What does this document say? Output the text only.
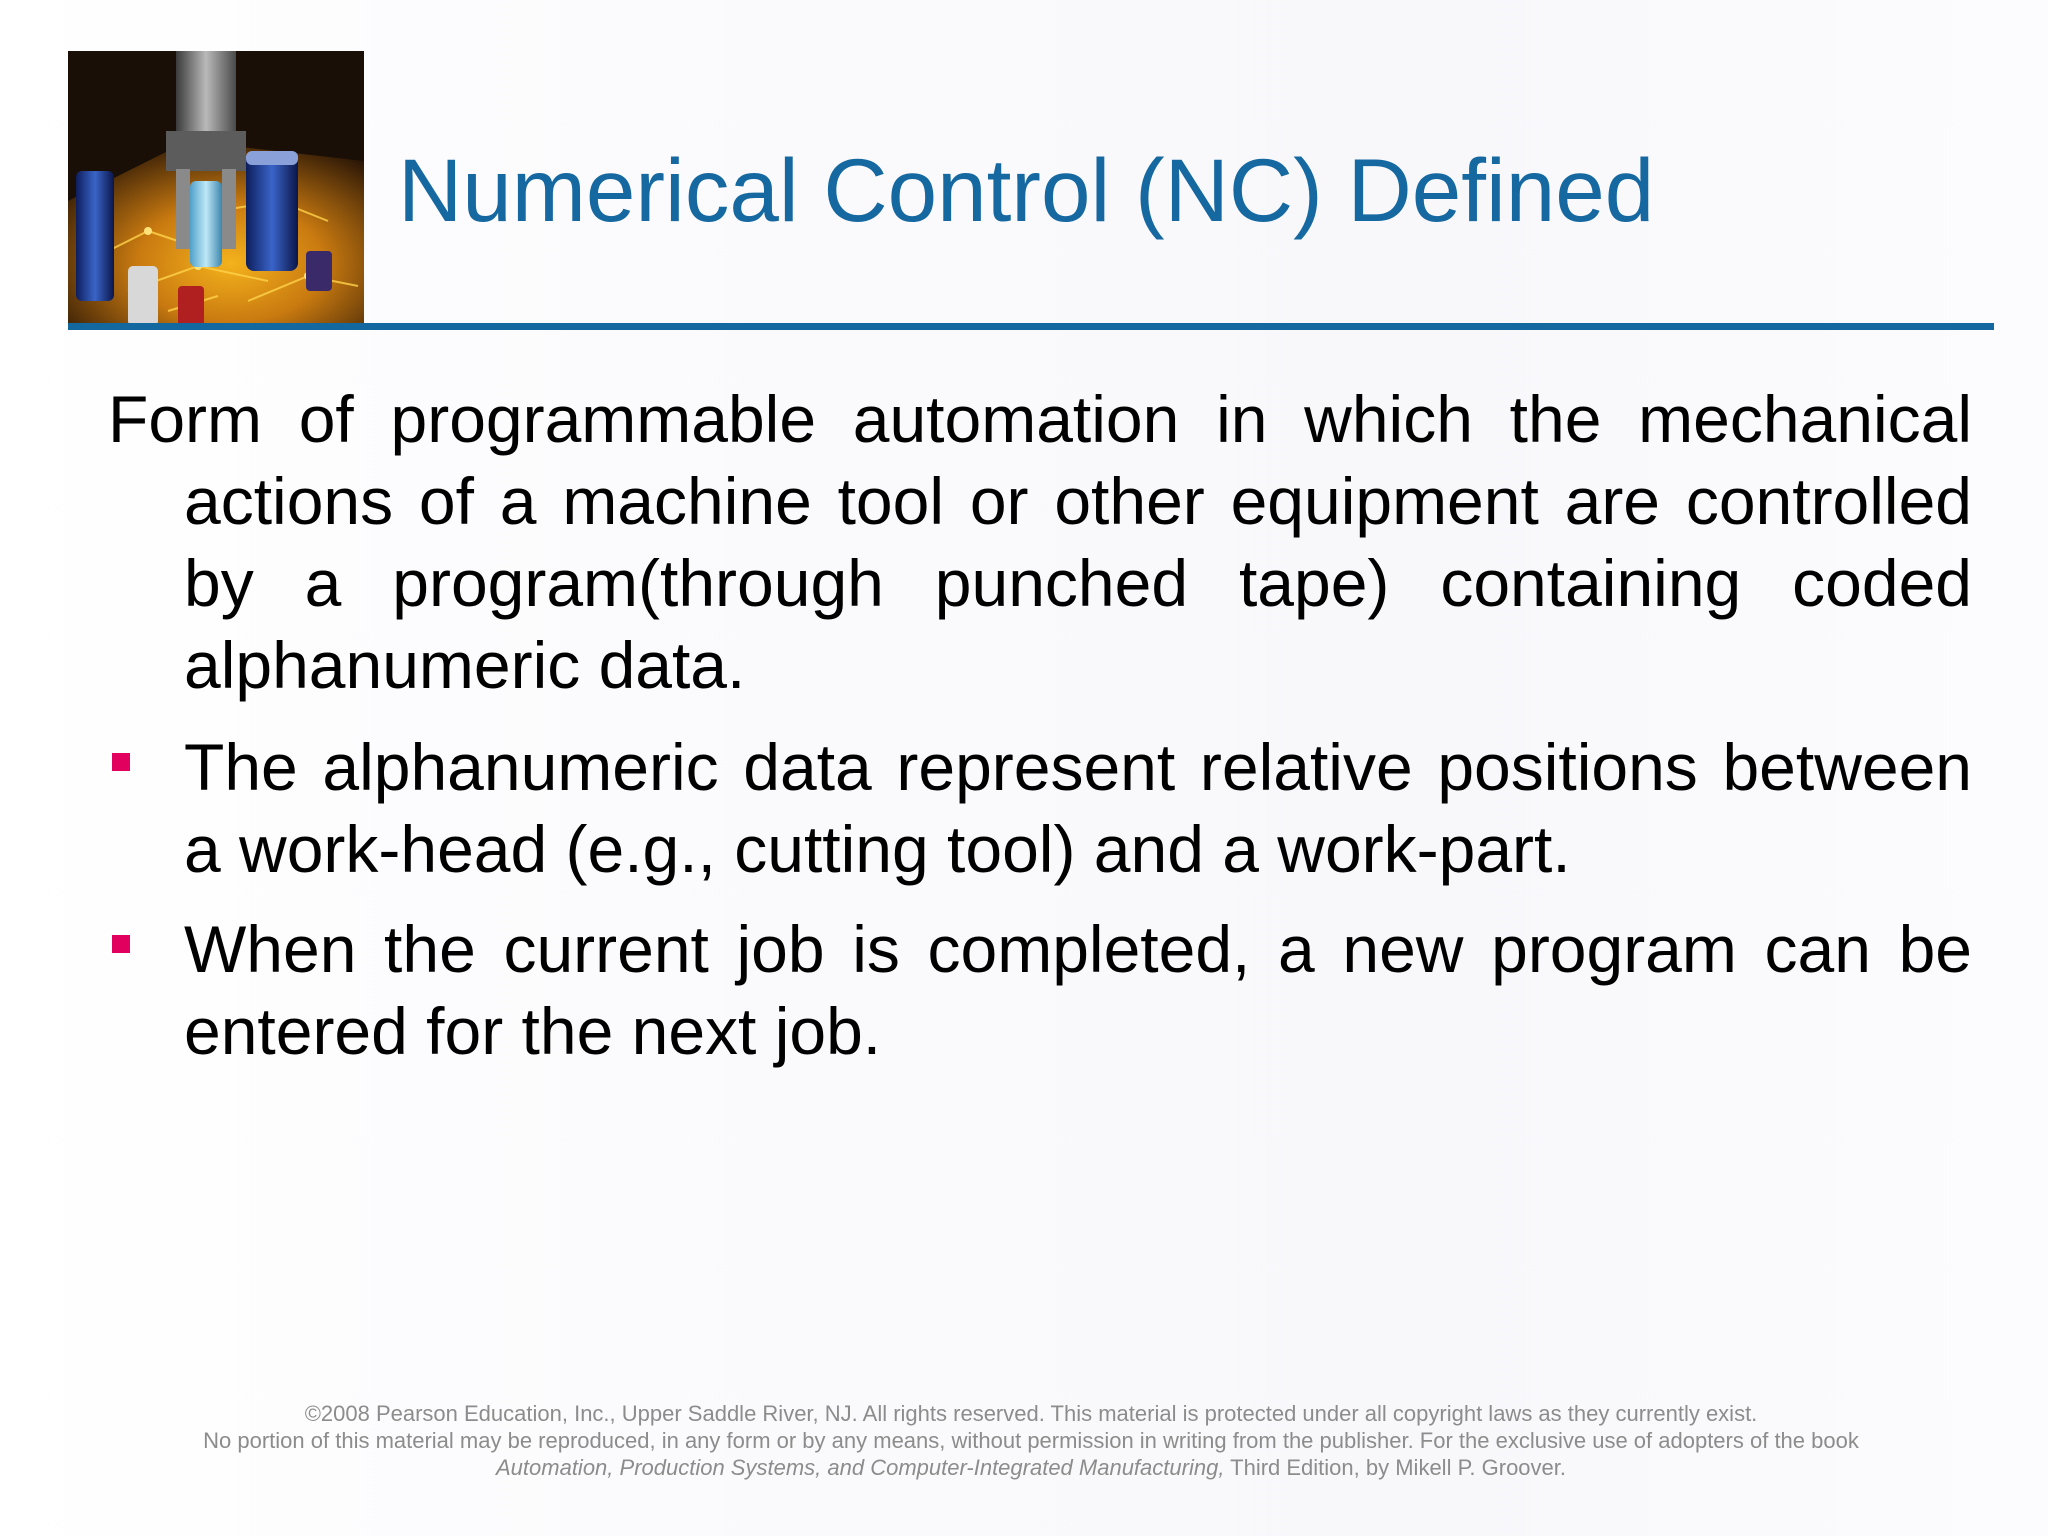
Numerical Control (NC) Defined

Form of programmable automation in which the mechanical actions of a machine tool or other equipment are controlled by a program(through punched tape) containing coded alphanumeric data.

The alphanumeric data represent relative positions between a work-head (e.g., cutting tool) and a work-part.
When the current job is completed, a new program can be entered for the next job.
©2008 Pearson Education, Inc., Upper Saddle River, NJ. All rights reserved. This material is protected under all copyright laws as they currently exist.
No portion of this material may be reproduced, in any form or by any means, without permission in writing from the publisher. For the exclusive use of adopters of the book
Automation, Production Systems, and Computer-Integrated Manufacturing, Third Edition, by Mikell P. Groover.
